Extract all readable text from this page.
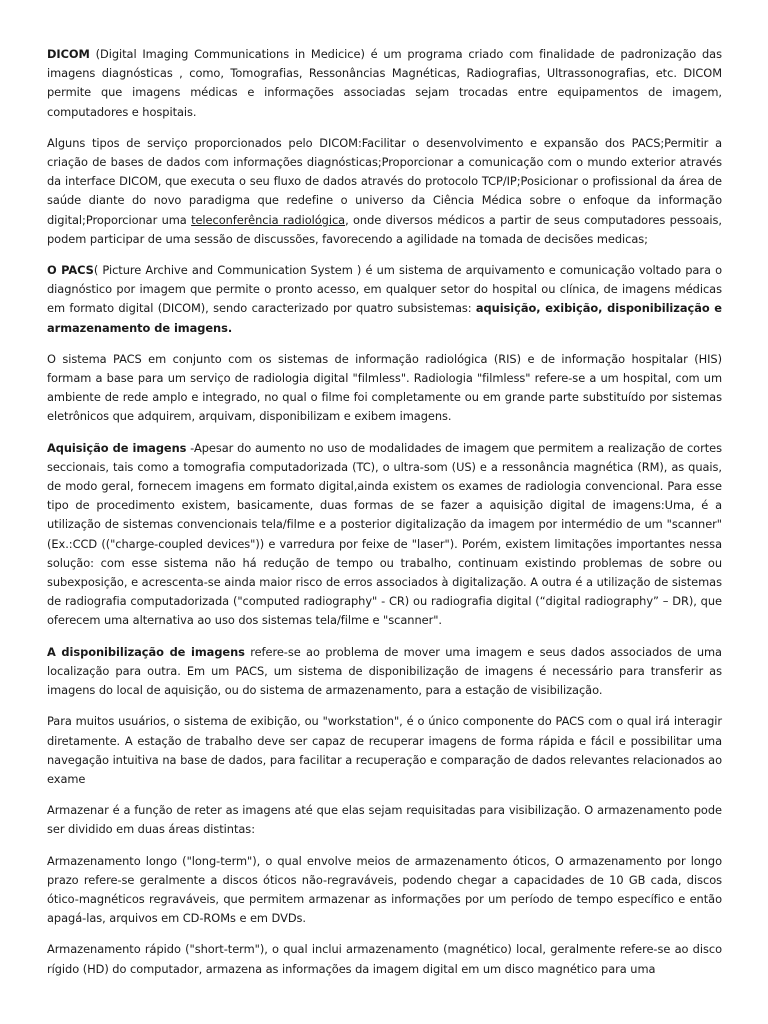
DICOM (Digital Imaging Communications in Medicice) é um programa criado com finalidade de padronização das imagens diagnósticas , como, Tomografias, Ressonâncias Magnéticas, Radiografias, Ultrassonografias, etc. DICOM permite que imagens médicas e informações associadas sejam trocadas entre equipamentos de imagem, computadores e hospitais.

Alguns tipos de serviço proporcionados pelo DICOM:Facilitar o desenvolvimento e expansão dos PACS;Permitir a criação de bases de dados com informações diagnósticas;Proporcionar a comunicação com o mundo exterior através da interface DICOM, que executa o seu fluxo de dados através do protocolo TCP/IP;Posicionar o profissional da área de saúde diante do novo paradigma que redefine o universo da Ciência Médica sobre o enfoque da informação digital;Proporcionar uma teleconferência radiológica, onde diversos médicos a partir de seus computadores pessoais, podem participar de uma sessão de discussões, favorecendo a agilidade na tomada de decisões medicas;

O PACS( Picture Archive and Communication System ) é um sistema de arquivamento e comunicação voltado para o diagnóstico por imagem que permite o pronto acesso, em qualquer setor do hospital ou clínica, de imagens médicas em formato digital (DICOM), sendo caracterizado por quatro subsistemas: aquisição, exibição, disponibilização e armazenamento de imagens.

O sistema PACS em conjunto com os sistemas de informação radiológica (RIS) e de informação hospitalar (HIS) formam a base para um serviço de radiologia digital "filmless". Radiologia "filmless" refere-se a um hospital, com um ambiente de rede amplo e integrado, no qual o filme foi completamente ou em grande parte substituído por sistemas eletrônicos que adquirem, arquivam, disponibilizam e exibem imagens.

Aquisição de imagens -Apesar do aumento no uso de modalidades de imagem que permitem a realização de cortes seccionais, tais como a tomografia computadorizada (TC), o ultra-som (US) e a ressonância magnética (RM), as quais, de modo geral, fornecem imagens em formato digital,ainda existem os exames de radiologia convencional. Para esse tipo de procedimento existem, basicamente, duas formas de se fazer a aquisição digital de imagens:Uma, é a utilização de sistemas convencionais tela/filme e a posterior digitalização da imagem por intermédio de um "scanner"(Ex.:CCD (("charge-coupled devices")) e varredura por feixe de "laser"). Porém, existem limitações importantes nessa solução: com esse sistema não há redução de tempo ou trabalho, continuam existindo problemas de sobre ou subexposição, e acrescenta-se ainda maior risco de erros associados à digitalização. A outra é a utilização de sistemas de radiografia computadorizada ("computed radiography" - CR) ou radiografia digital (“digital radiography” – DR), que oferecem uma alternativa ao uso dos sistemas tela/filme e "scanner".

A disponibilização de imagens refere-se ao problema de mover uma imagem e seus dados associados de uma localização para outra. Em um PACS, um sistema de disponibilização de imagens é necessário para transferir as imagens do local de aquisição, ou do sistema de armazenamento, para a estação de visibilização.

Para muitos usuários, o sistema de exibição, ou "workstation", é o único componente do PACS com o qual irá interagir diretamente. A estação de trabalho deve ser capaz de recuperar imagens de forma rápida e fácil e possibilitar uma navegação intuitiva na base de dados, para facilitar a recuperação e comparação de dados relevantes relacionados ao exame

Armazenar é a função de reter as imagens até que elas sejam requisitadas para visibilização. O armazenamento pode ser dividido em duas áreas distintas:

Armazenamento longo ("long-term"), o qual envolve meios de armazenamento óticos, O armazenamento por longo prazo refere-se geralmente a discos óticos não-regraváveis, podendo chegar a capacidades de 10 GB cada, discos ótico-magnéticos regraváveis, que permitem armazenar as informações por um período de tempo específico e então apagá-las, arquivos em CD-ROMs e em DVDs.

Armazenamento rápido ("short-term"), o qual inclui armazenamento (magnético) local, geralmente refere-se ao disco rígido (HD) do computador, armazena as informações da imagem digital em um disco magnético para uma
